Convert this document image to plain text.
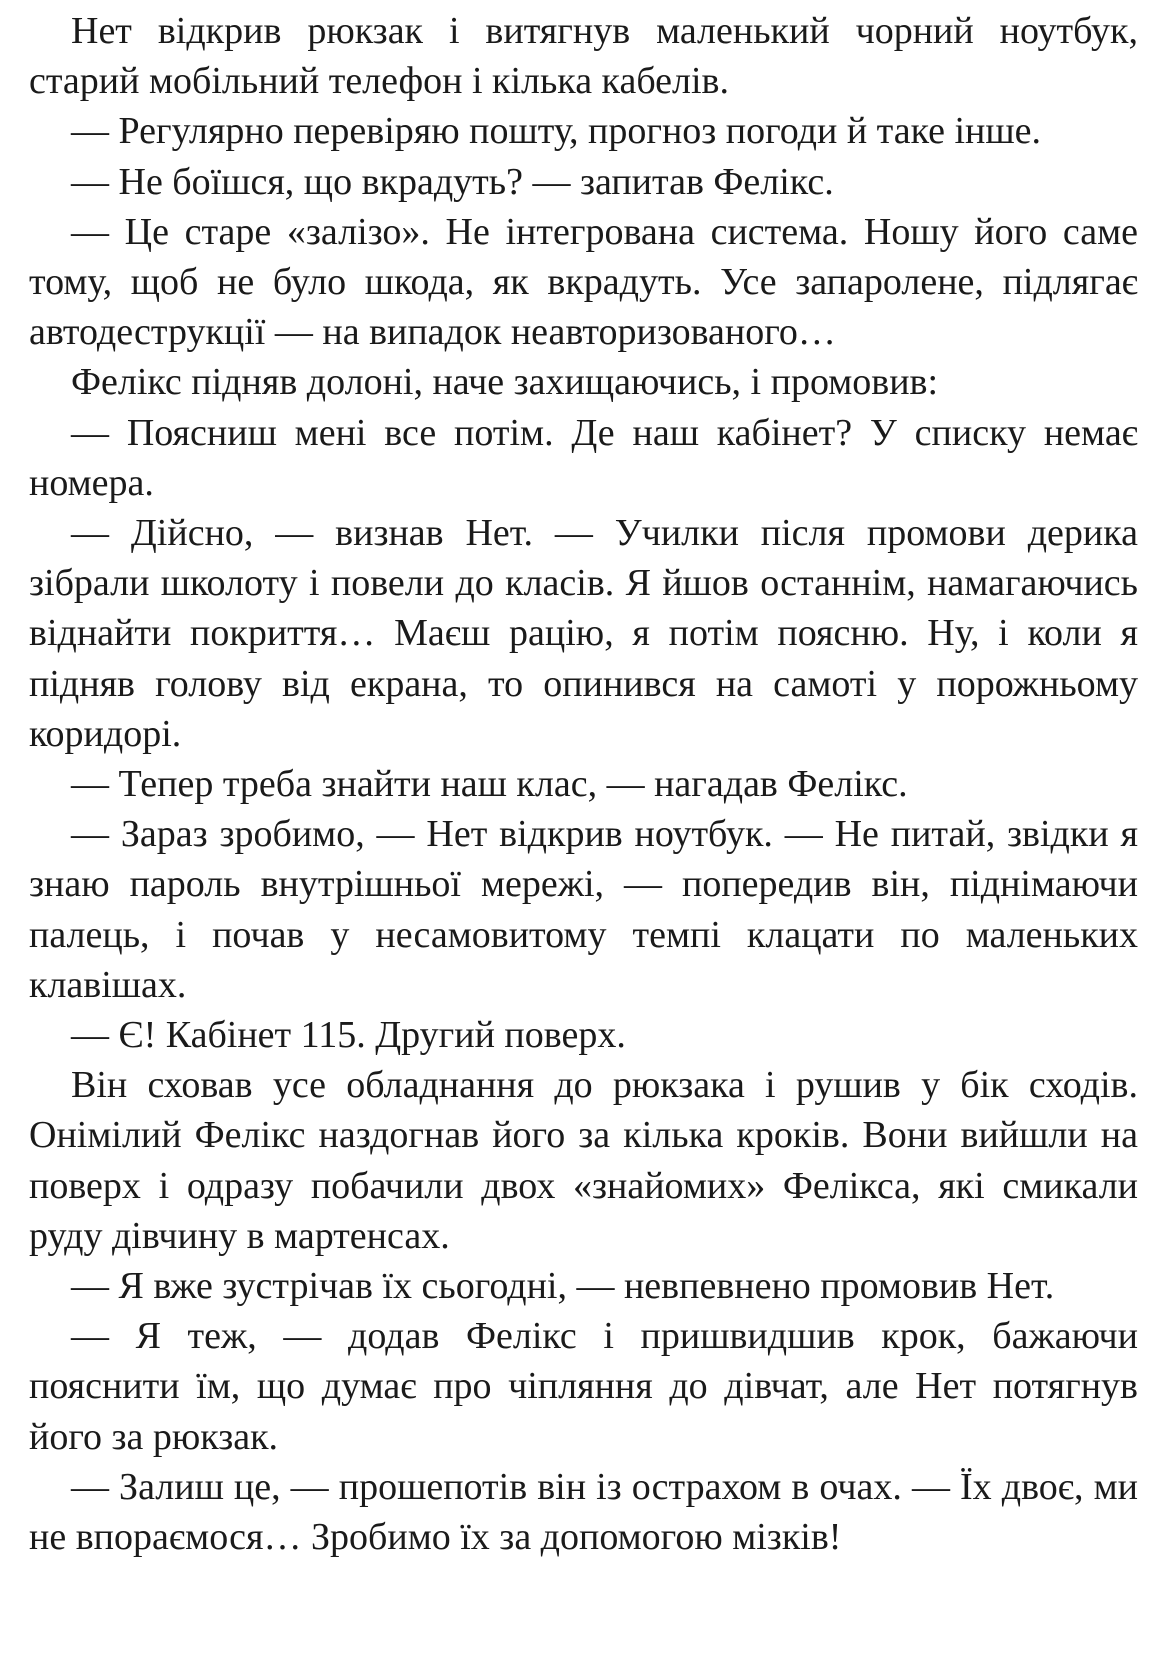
Нет відкрив рюкзак і витягнув маленький чорний ноутбук, старий мобільний телефон і кілька кабелів.

— Регулярно перевіряю пошту, прогноз погоди й таке інше.

— Не боїшся, що вкрадуть? — запитав Фелікс.

— Це старе «залізо». Не інтегрована система. Ношу його саме тому, щоб не було шкода, як вкрадуть. Усе запаролене, підлягає автодеструкції — на випадок неавторизованого…

Фелікс підняв долоні, наче захищаючись, і промовив:

— Поясниш мені все потім. Де наш кабінет? У списку немає номера.

— Дійсно, — визнав Нет. — Училки після промови дерика зібрали школоту і повели до класів. Я йшов останнім, намагаючись віднайти покриття… Маєш рацію, я потім поясню. Ну, і коли я підняв голову від екрана, то опинився на самоті у порожньому коридорі.

— Тепер треба знайти наш клас, — нагадав Фелікс.

— Зараз зробимо, — Нет відкрив ноутбук. — Не питай, звідки я знаю пароль внутрішньої мережі, — попередив він, піднімаючи палець, і почав у несамовитому темпі клацати по маленьких клавішах.

— Є! Кабінет 115. Другий поверх.

Він сховав усе обладнання до рюкзака і рушив у бік сходів. Онімілий Фелікс наздогнав його за кілька кроків. Вони вийшли на поверх і одразу побачили двох «знайомих» Фелікса, які смикали руду дівчину в мартенсах.

— Я вже зустрічав їх сьогодні, — невпевнено промовив Нет.

— Я теж, — додав Фелікс і пришвидшив крок, бажаючи пояснити їм, що думає про чіпляння до дівчат, але Нет потягнув його за рюкзак.

— Залиш це, — прошепотів він із острахом в очах. — Їх двоє, ми не впораємося… Зробимо їх за допомогою мізків!
